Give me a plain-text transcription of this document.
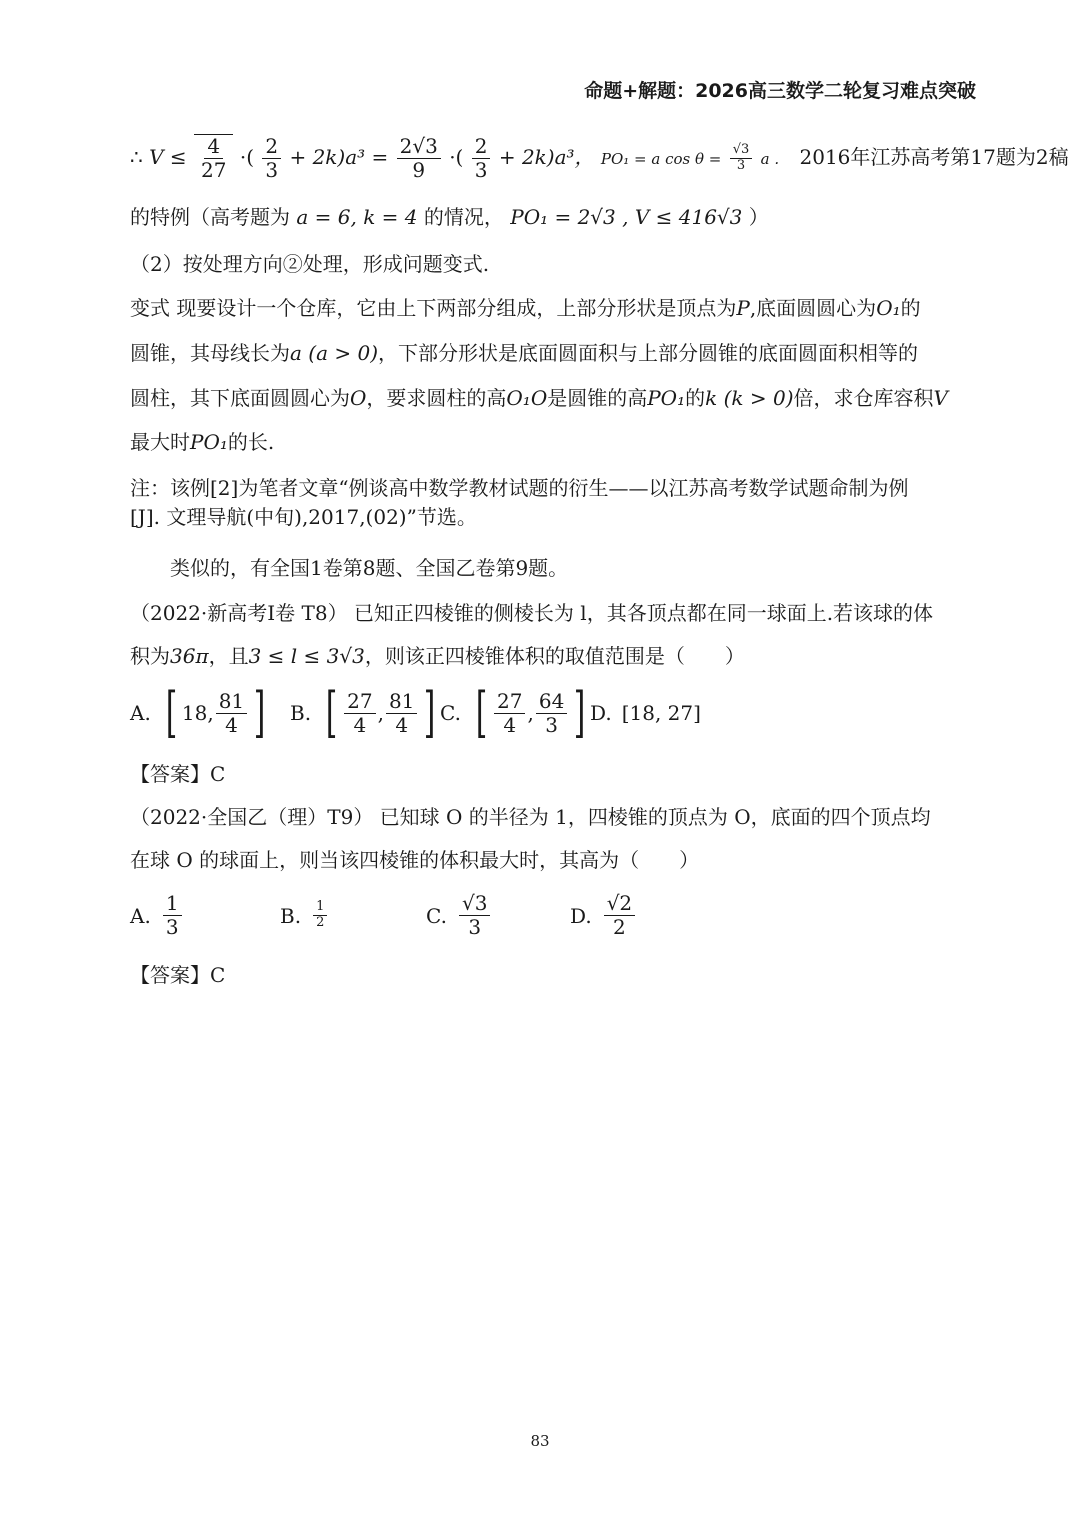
命题+解题：2026高三数学二轮复习难点突破
∴ $V \le \frac{4}{27}$ ·( $\frac{2}{3} + 2k)a^3 = \frac{2√3}{9}$ ·( $\frac{2}{3} + 2k)a^3$， PO₁ = a $\cos \theta = \frac{√3}{3}$ a . 2016年江苏高考第17题为2稿
的特例（高考题为 a = 6, k = 4 的情况， PO₁ = 2√3 , V ≤ 416√3 ）
（2）按处理方向②处理，形成问题变式.
变式 现要设计一个仓库，它由上下两部分组成，上部分形状是顶点为P,底面圆圆心为O₁的
圆锥，其母线长为a (a > 0)，下部分形状是底面圆面积与上部分圆锥的底面圆面积相等的
圆柱，其下底面圆圆心为O，要求圆柱的高O₁O是圆锥的高PO₁的k (k > 0)倍，求仓库容积V
最大时PO₁的长.
注：该例[2]为笔者文章“例谈高中数学教材试题的衍生——以江苏高考数学试题命制为例
[J]. 文理导航(中旬),2017,(02)”节选。
类似的，有全国1卷第8题、全国乙卷第9题。
（2022·新高考I卷 T8） 已知正四棱锥的侧棱长为 l，其各顶点都在同一球面上.若该球的体
积为36π，且3 ≤ l ≤ 3√3，则该正四棱锥体积的取值范围是（　　）
A. [ 18, $\frac{81}{4}$ ] B. [ $\frac{27}{4}$ , $\frac{81}{4}$ ] C. [ $\frac{27}{4}$ , $\frac{64}{3}$ ] D. [18, 27]
【答案】C
（2022·全国乙（理）T9） 已知球 O 的半径为 1，四棱锥的顶点为 O，底面的四个顶点均
在球 O 的球面上，则当该四棱锥的体积最大时，其高为（　　）
A. $\frac{1}{3}$	B. $\frac{1}{2}$	C. $\frac{√3}{3}$	D. $\frac{√2}{2}$
【答案】C
83
